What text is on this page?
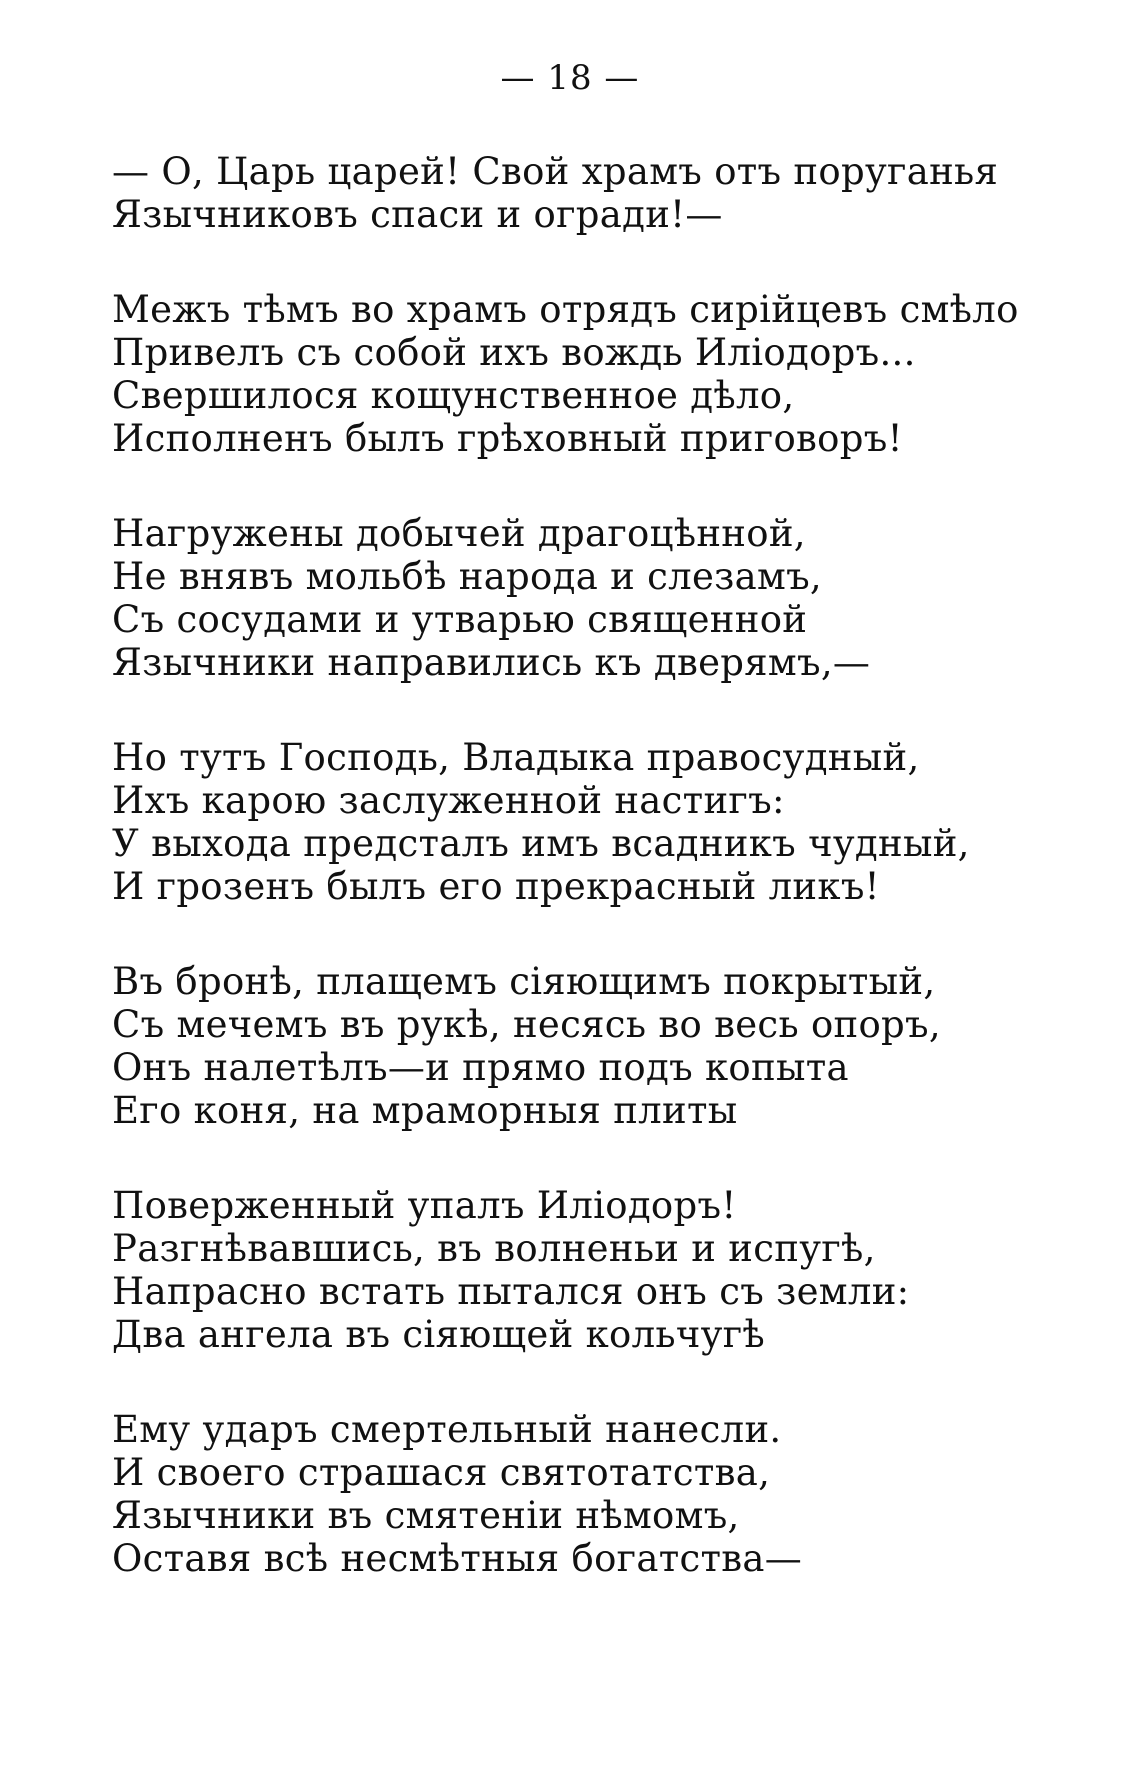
— 18 —
— О, Царь царей! Свой храмъ отъ поруганья
Язычниковъ спаси и огради!—
Межъ тѣмъ во храмъ отрядъ сирійцевъ смѣло
Привелъ съ собой ихъ вождь Иліодоръ...
Свершилося кощунственное дѣло,
Исполненъ былъ грѣховный приговоръ!
Нагружены добычей драгоцѣнной,
Не внявъ мольбѣ народа и слезамъ,
Съ сосудами и утварью священной
Язычники направились къ дверямъ,—
Но тутъ Господь, Владыка правосудный,
Ихъ карою заслуженной настигъ:
У выхода предсталъ имъ всадникъ чудный,
И грозенъ былъ его прекрасный ликъ!
Въ бронѣ, плащемъ сіяющимъ покрытый,
Съ мечемъ въ рукѣ, несясь во весь опоръ,
Онъ налетѣлъ—и прямо подъ копыта
Его коня, на мраморныя плиты
Поверженный упалъ Иліодоръ!
Разгнѣвавшись, въ волненьи и испугѣ,
Напрасно встать пытался онъ съ земли:
Два ангела въ сіяющей кольчугѣ
Ему ударъ смертельный нанесли.
И своего страшася святотатства,
Язычники въ смятеніи нѣмомъ,
Оставя всѣ несмѣтныя богатства—
